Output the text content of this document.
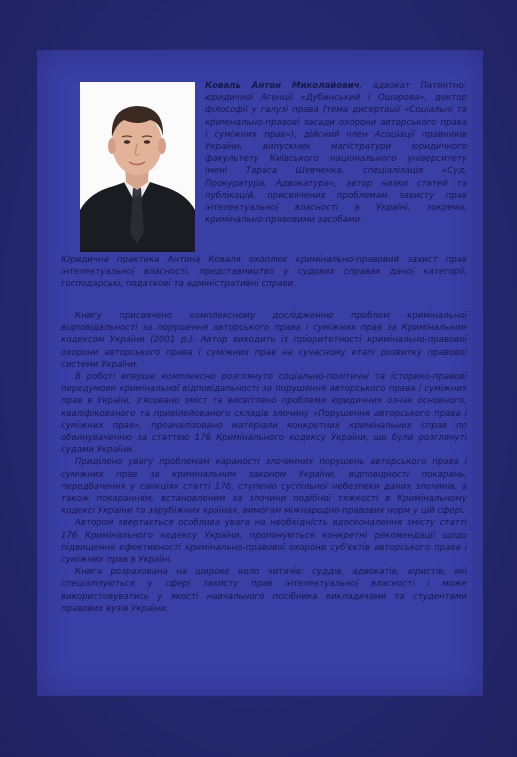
Коваль Антон Миколайович, адвокат Патентно-юридичної Агенції «Дубинський і Ошарова», доктор філософії у галузі права (тема дисертації «Соціальні та кримінально-правові засади охорони авторського права і суміжних прав»), дійсний член Асоціації правників України, випускник магістратури юридичного факультету Київського національного університету імені Тараса Шевченка, спеціалізація «Суд, Прокуратура, Адвокатура», автор низки статей та публікацій, присвячених проблемам захисту прав інтелектуальної власності в Україні, зокрема, кримінально-правовими засобами.
Юридична практика Антона Коваля охоплює кримінально-правовий захист прав інтелектуальної власності, представництво у судових справах даної категорії, господарські, податкові та адміністративні справи.

Книгу присвячено комплексному дослідженню проблем кримінальної відповідальності за порушення авторського права і суміжних прав за Кримінальним кодексом України (2001 р.). Автор виходить із пріоритетності кримінально-правової охорони авторського права і суміжних прав на сучасному етапі розвитку правової системи України.

В роботі вперше комплексно розглянуто соціально-політичні та історико-правові передумови кримінальної відповідальності за порушення авторського права і суміжних прав в Україні, з'ясовано зміст та висвітлено проблеми юридичних ознак основного, кваліфікованого та привілейованого складів злочину «Порушення авторського права і суміжних прав», проаналізовано матеріали конкретних кримінальних справ по обвинуваченню за статтею 176 Кримінального кодексу України, що були розглянуті судами України.

Приділено увагу проблемам караності злочинних порушень авторського права і суміжних прав за кримінальним законом України, відповідності покарань, передбачених у санкціях статті 176, ступеню суспільної небезпеки даних злочинів, а також покаранням, встановленим за злочини подібної тяжкості в Кримінальному кодексі України та зарубіжних країнах, вимогам міжнародно-правових норм у цій сфері.

Автором звертається особлива увага на необхідність вдосконалення змісту статті 176 Кримінального кодексу України, пропонуються конкретні рекомендації щодо підвищення ефективності кримінально-правової охорони суб'єктів авторського права і суміжних прав в Україні.

Книга розрахована на широке коло читачів: суддів, адвокатів, юристів, які спеціалізуються у сфері захисту прав інтелектуальної власності і може використовуватись у якості навчального посібника викладачами та студентами правових вузів України.
